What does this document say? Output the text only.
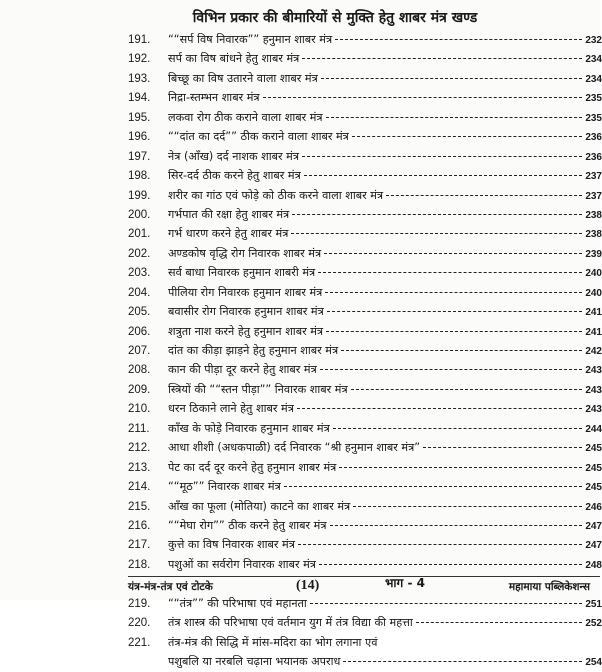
विभिन प्रकार की बीमारियों से मुक्ति हेतु शाबर मंत्र खण्ड
191.	““सर्प विष निवारक”” हनुमान शाबर मंत्र	232
192.	सर्प का विष बांधने हेतु शाबर मंत्र	234
193.	बिच्छू का विष उतारने वाला शाबर मंत्र	234
194.	निद्रा-स्तम्भन शाबर मंत्र	235
195.	लकवा रोग ठीक कराने वाला शाबर मंत्र	235
196.	““दांत का दर्द”” ठीक कराने वाला शाबर मंत्र	236
197.	नेत्र (आँख) दर्द नाशक शाबर मंत्र	236
198.	सिर-दर्द ठीक करने हेतु शाबर मंत्र	237
199.	शरीर का गांठ एवं फोड़े को ठीक करने वाला शाबर मंत्र	237
200.	गर्भपात की रक्षा हेतु शाबर मंत्र	238
201.	गर्भ धारण करने हेतु शाबर मंत्र	238
202.	अण्डकोष वृद्धि रोग निवारक शाबर मंत्र	239
203.	सर्व बाधा निवारक हनुमान शाबरी मंत्र	240
204.	पीलिया रोग निवारक हनुमान शाबर मंत्र	240
205.	बवासीर रोग निवारक हनुमान शाबर मंत्र	241
206.	शत्रुता नाश करने हेतु हनुमान शाबर मंत्र	241
207.	दांत का कीड़ा झाड़ने हेतु हनुमान शाबर मंत्र	242
208.	कान की पीड़ा दूर करने हेतु शाबर मंत्र	243
209.	स्त्रियों की ““स्तन पीड़ा”” निवारक शाबर मंत्र	243
210.	धरन ठिकाने लाने हेतु शाबर मंत्र	243
211.	काँख के फोड़े निवारक हनुमान शाबर मंत्र	244
212.	आधा शीशी (अधकपाळी) दर्द निवारक “श्री हनुमान शाबर मंत्र”	245
213.	पेट का दर्द दूर करने हेतु हनुमान शाबर मंत्र	245
214.	““मूठ”” निवारक शाबर मंत्र	245
215.	आँख का फूला (मोतिया) काटने का शाबर मंत्र	246
216.	““मेघा रोग”” ठीक करने हेतु शाबर मंत्र	247
217.	कुत्ते का विष निवारक शाबर मंत्र	247
218.	पशुओं का सर्वरोग निवारक शाबर मंत्र	248
भाग - 4
219.	““तंत्र”” की परिभाषा एवं महानता	251
220.	तंत्र शास्त्र की परिभाषा एवं वर्तमान युग में तंत्र विद्या की महत्ता	252
221.	तंत्र-मंत्र की सिद्धि में मांस-मदिरा का भोग लगाना एवं
पशुबलि या नरबलि चढ़ाना भयानक अपराध	254
यंत्र-मंत्र-तंत्र एवं टोटके	(14)	महामाया पब्लिकेशन्स
